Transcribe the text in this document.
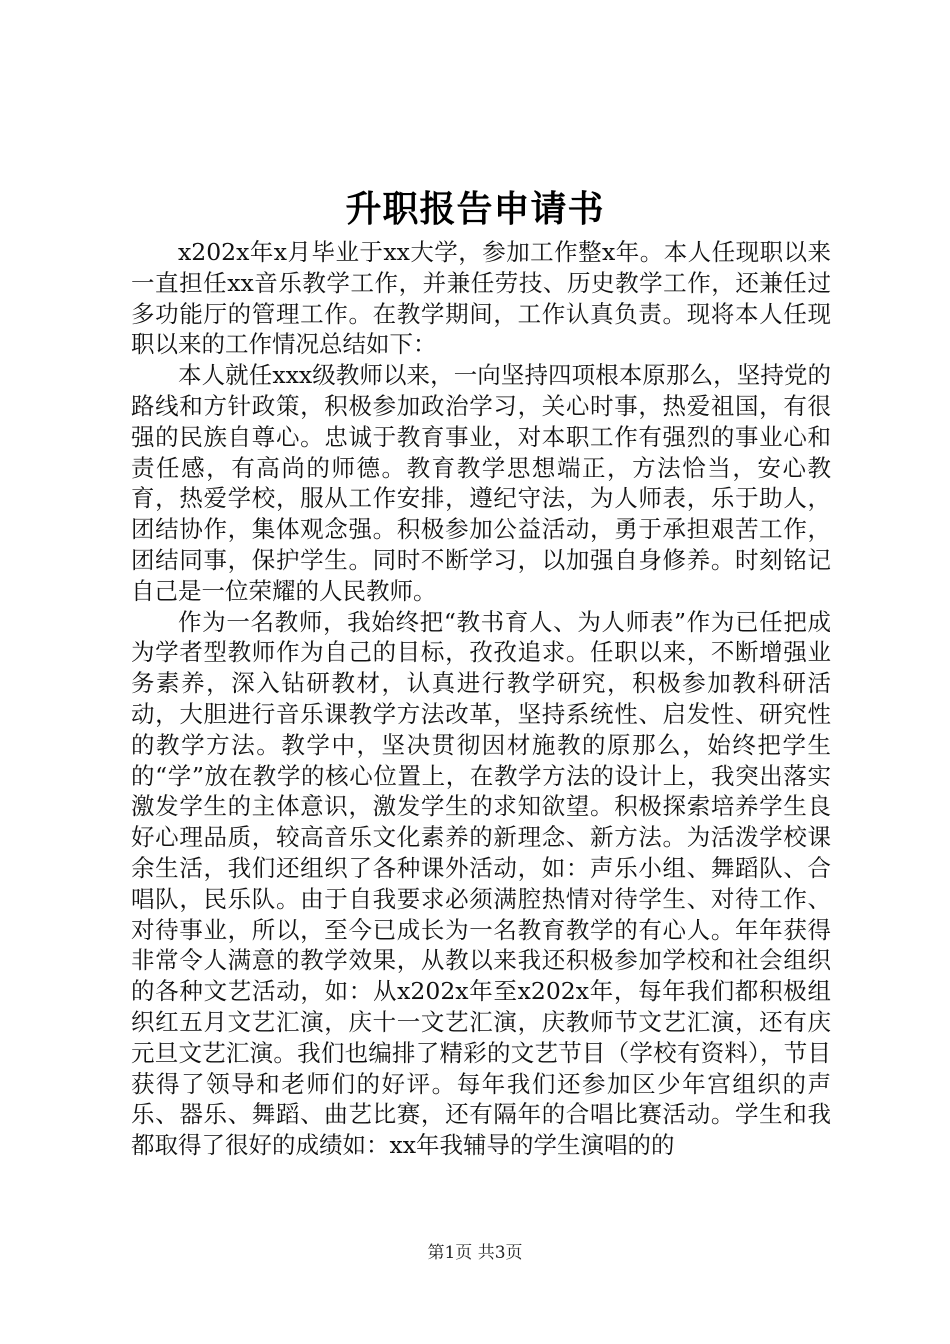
升职报告申请书

x202x年x月毕业于xx大学，参加工作整x年。本人任现职以来一直担任xx音乐教学工作，并兼任劳技、历史教学工作，还兼任过多功能厅的管理工作。在教学期间，工作认真负责。现将本人任现职以来的工作情况总结如下：

本人就任xxx级教师以来，一向坚持四项根本原那么，坚持党的路线和方针政策，积极参加政治学习，关心时事，热爱祖国，有很强的民族自尊心。忠诚于教育事业，对本职工作有强烈的事业心和责任感，有高尚的师德。教育教学思想端正，方法恰当，安心教育，热爱学校，服从工作安排，遵纪守法，为人师表，乐于助人，团结协作，集体观念强。积极参加公益活动，勇于承担艰苦工作，团结同事，保护学生。同时不断学习，以加强自身修养。时刻铭记自己是一位荣耀的人民教师。

作为一名教师，我始终把“教书育人、为人师表”作为已任把成为学者型教师作为自己的目标，孜孜追求。任职以来，不断增强业务素养，深入钻研教材，认真进行教学研究，积极参加教科研活动，大胆进行音乐课教学方法改革，坚持系统性、启发性、研究性的教学方法。教学中，坚决贯彻因材施教的原那么，始终把学生的“学”放在教学的核心位置上，在教学方法的设计上，我突出落实激发学生的主体意识，激发学生的求知欲望。积极探索培养学生良好心理品质，较高音乐文化素养的新理念、新方法。为活泼学校课余生活，我们还组织了各种课外活动，如：声乐小组、舞蹈队、合唱队，民乐队。由于自我要求必须满腔热情对待学生、对待工作、对待事业，所以，至今已成长为一名教育教学的有心人。年年获得非常令人满意的教学效果，从教以来我还积极参加学校和社会组织的各种文艺活动，如：从x202x年至x202x年，每年我们都积极组织红五月文艺汇演，庆十一文艺汇演，庆教师节文艺汇演，还有庆元旦文艺汇演。我们也编排了精彩的文艺节目（学校有资料），节目获得了领导和老师们的好评。每年我们还参加区少年宫组织的声乐、器乐、舞蹈、曲艺比赛，还有隔年的合唱比赛活动。学生和我都取得了很好的成绩如：xx年我辅导的学生演唱的的

第1页 共3页
